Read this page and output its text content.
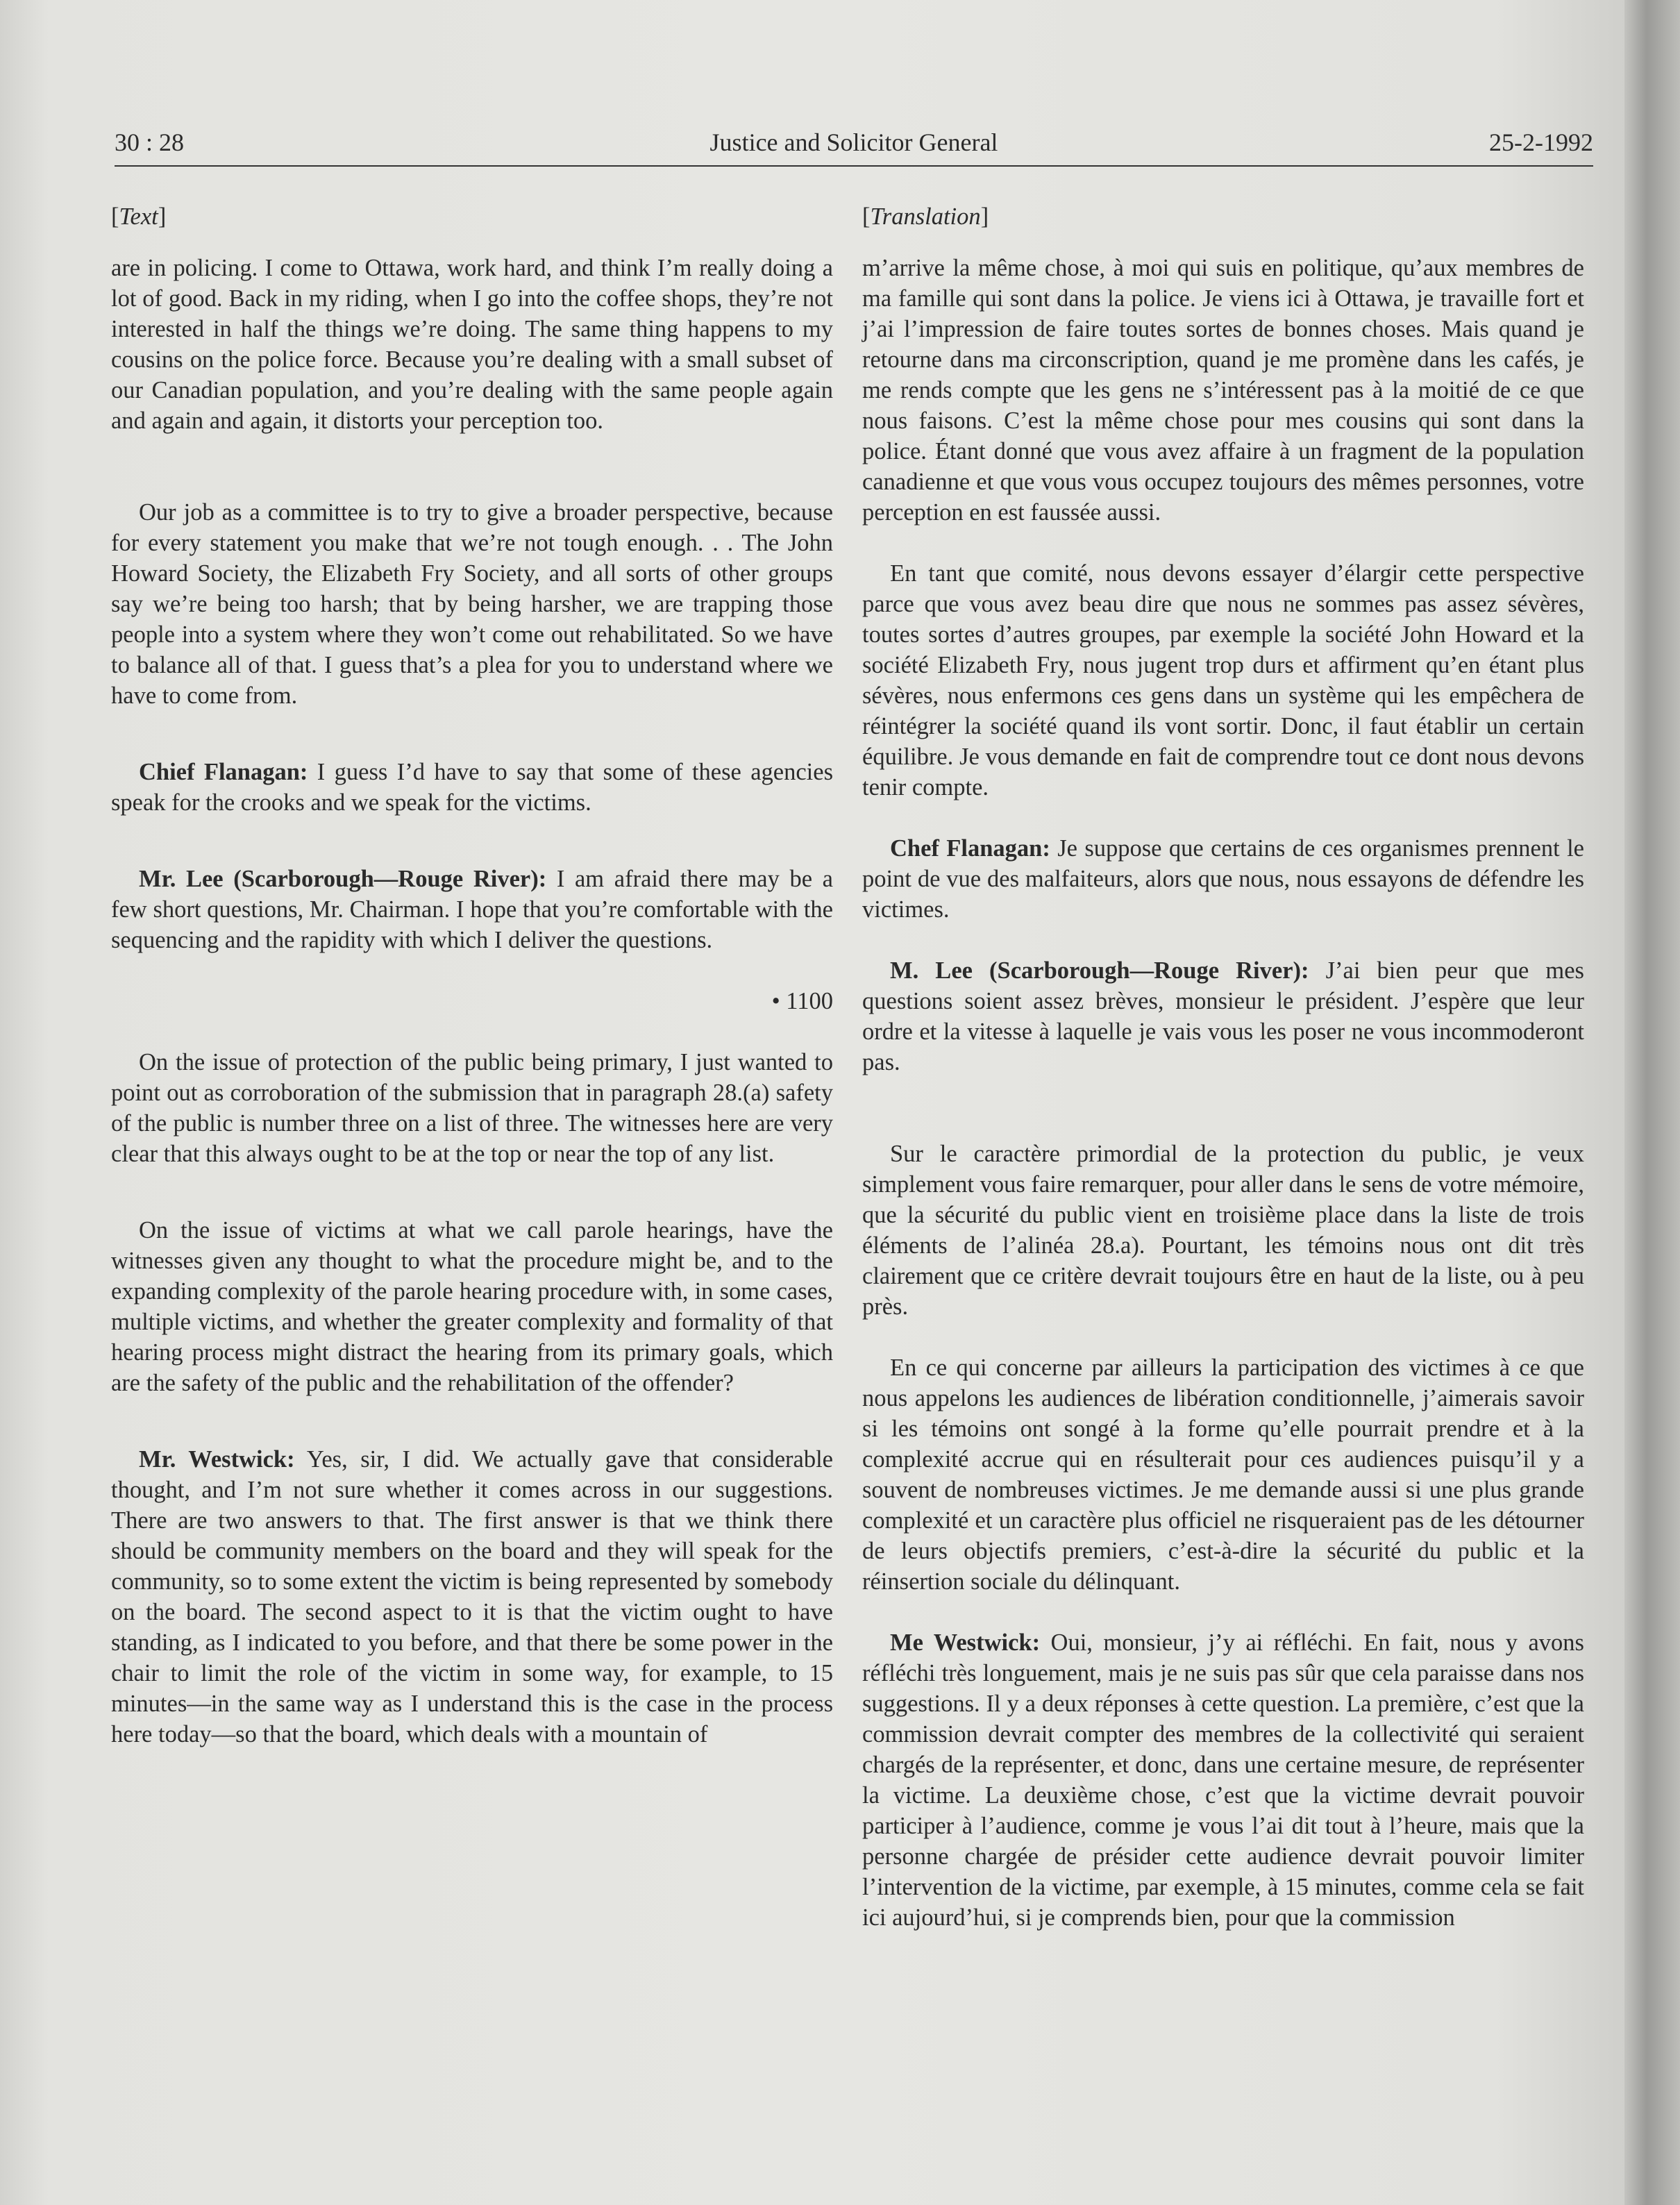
30 : 28	Justice and Solicitor General	25-2-1992
[Text]

are in policing. I come to Ottawa, work hard, and think I’m really doing a lot of good. Back in my riding, when I go into the coffee shops, they’re not interested in half the things we’re doing. The same thing happens to my cousins on the police force. Because you’re dealing with a small subset of our Canadian population, and you’re dealing with the same people again and again and again, it distorts your perception too.

Our job as a committee is to try to give a broader perspective, because for every statement you make that we’re not tough enough. . . The John Howard Society, the Elizabeth Fry Society, and all sorts of other groups say we’re being too harsh; that by being harsher, we are trapping those people into a system where they won’t come out rehabilitated. So we have to balance all of that. I guess that’s a plea for you to understand where we have to come from.

Chief Flanagan: I guess I’d have to say that some of these agencies speak for the crooks and we speak for the victims.

Mr. Lee (Scarborough—Rouge River): I am afraid there may be a few short questions, Mr. Chairman. I hope that you’re comfortable with the sequencing and the rapidity with which I deliver the questions.

• 1100

On the issue of protection of the public being primary, I just wanted to point out as corroboration of the submission that in paragraph 28.(a) safety of the public is number three on a list of three. The witnesses here are very clear that this always ought to be at the top or near the top of any list.

On the issue of victims at what we call parole hearings, have the witnesses given any thought to what the procedure might be, and to the expanding complexity of the parole hearing procedure with, in some cases, multiple victims, and whether the greater complexity and formality of that hearing process might distract the hearing from its primary goals, which are the safety of the public and the rehabilitation of the offender?

Mr. Westwick: Yes, sir, I did. We actually gave that considerable thought, and I’m not sure whether it comes across in our suggestions. There are two answers to that. The first answer is that we think there should be community members on the board and they will speak for the community, so to some extent the victim is being represented by somebody on the board. The second aspect to it is that the victim ought to have standing, as I indicated to you before, and that there be some power in the chair to limit the role of the victim in some way, for example, to 15 minutes—in the same way as I understand this is the case in the process here today—so that the board, which deals with a mountain of

[Translation]

m’arrive la même chose, à moi qui suis en politique, qu’aux membres de ma famille qui sont dans la police. Je viens ici à Ottawa, je travaille fort et j’ai l’impression de faire toutes sortes de bonnes choses. Mais quand je retourne dans ma circonscription, quand je me promène dans les cafés, je me rends compte que les gens ne s’intéressent pas à la moitié de ce que nous faisons. C’est la même chose pour mes cousins qui sont dans la police. Étant donné que vous avez affaire à un fragment de la population canadienne et que vous vous occupez toujours des mêmes personnes, votre perception en est faussée aussi.

En tant que comité, nous devons essayer d’élargir cette perspective parce que vous avez beau dire que nous ne sommes pas assez sévères, toutes sortes d’autres groupes, par exemple la société John Howard et la société Elizabeth Fry, nous jugent trop durs et affirment qu’en étant plus sévères, nous enfermons ces gens dans un système qui les empêchera de réintégrer la société quand ils vont sortir. Donc, il faut établir un certain équilibre. Je vous demande en fait de comprendre tout ce dont nous devons tenir compte.

Chef Flanagan: Je suppose que certains de ces organismes prennent le point de vue des malfaiteurs, alors que nous, nous essayons de défendre les victimes.

M. Lee (Scarborough—Rouge River): J’ai bien peur que mes questions soient assez brèves, monsieur le président. J’espère que leur ordre et la vitesse à laquelle je vais vous les poser ne vous incommoderont pas.

Sur le caractère primordial de la protection du public, je veux simplement vous faire remarquer, pour aller dans le sens de votre mémoire, que la sécurité du public vient en troisième place dans la liste de trois éléments de l’alinéa 28.a). Pourtant, les témoins nous ont dit très clairement que ce critère devrait toujours être en haut de la liste, ou à peu près.

En ce qui concerne par ailleurs la participation des victimes à ce que nous appelons les audiences de libération conditionnelle, j’aimerais savoir si les témoins ont songé à la forme qu’elle pourrait prendre et à la complexité accrue qui en résulterait pour ces audiences puisqu’il y a souvent de nombreuses victimes. Je me demande aussi si une plus grande complexité et un caractère plus officiel ne risqueraient pas de les détourner de leurs objectifs premiers, c’est-à-dire la sécurité du public et la réinsertion sociale du délinquant.

Me Westwick: Oui, monsieur, j’y ai réfléchi. En fait, nous y avons réfléchi très longuement, mais je ne suis pas sûr que cela paraisse dans nos suggestions. Il y a deux réponses à cette question. La première, c’est que la commission devrait compter des membres de la collectivité qui seraient chargés de la représenter, et donc, dans une certaine mesure, de représenter la victime. La deuxième chose, c’est que la victime devrait pouvoir participer à l’audience, comme je vous l’ai dit tout à l’heure, mais que la personne chargée de présider cette audience devrait pouvoir limiter l’intervention de la victime, par exemple, à 15 minutes, comme cela se fait ici aujourd’hui, si je comprends bien, pour que la commission
